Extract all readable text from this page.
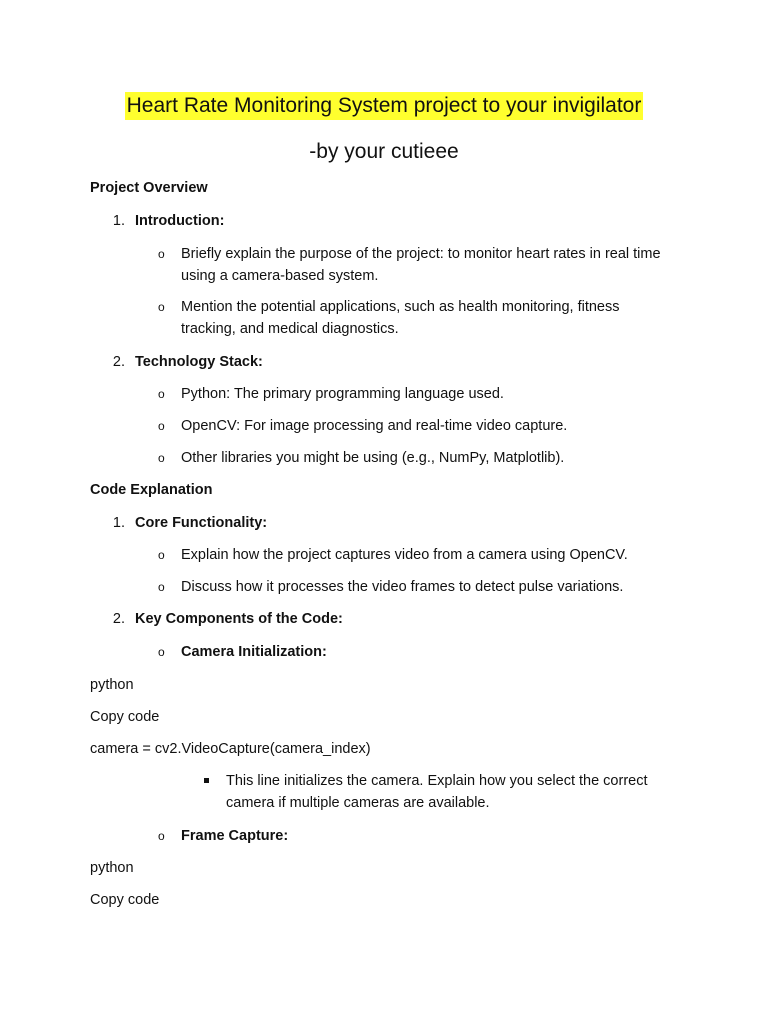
Heart Rate Monitoring System project to your invigilator
-by your cutieee
Project Overview
1. Introduction:
o Briefly explain the purpose of the project: to monitor heart rates in real time using a camera-based system.
o Mention the potential applications, such as health monitoring, fitness tracking, and medical diagnostics.
2. Technology Stack:
o Python: The primary programming language used.
o OpenCV: For image processing and real-time video capture.
o Other libraries you might be using (e.g., NumPy, Matplotlib).
Code Explanation
1. Core Functionality:
o Explain how the project captures video from a camera using OpenCV.
o Discuss how it processes the video frames to detect pulse variations.
2. Key Components of the Code:
o Camera Initialization:
python
Copy code
camera = cv2.VideoCapture(camera_index)
This line initializes the camera. Explain how you select the correct camera if multiple cameras are available.
o Frame Capture:
python
Copy code
